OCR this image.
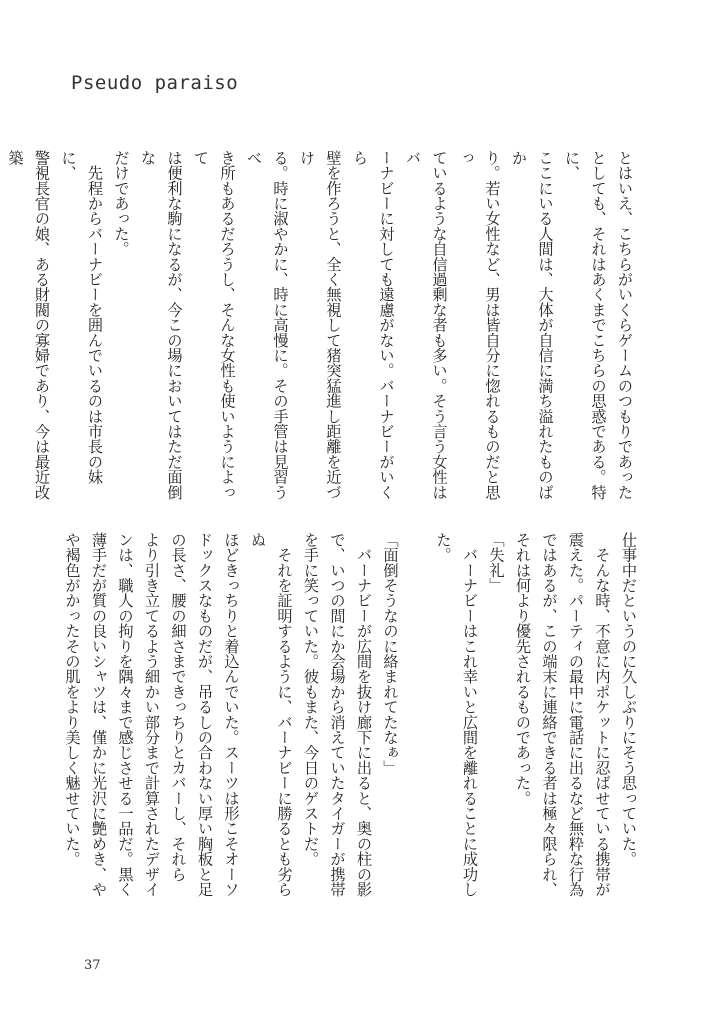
Pseudo paraiso

とはいえ、こちらがいくらゲームのつもりであった

としても、それはあくまでこちらの思惑である。特に、

ここにいる人間は、大体が自信に満ち溢れたものばか

り。若い女性など、男は皆自分に惚れるものだと思っ

ているような自信過剰な者も多い。そう言う女性はバ

ーナビーに対しても遠慮がない。バーナビーがいくら

壁を作ろうと、全く無視して猪突猛進し距離を近づけ

る。時に淑やかに、時に高慢に。その手管は見習うべ

き所もあるだろうし、そんな女性も使いようによって

は便利な駒になるが、今この場においてはただ面倒な

だけであった。

　先程からバーナビーを囲んでいるのは市長の妹に、

警視長官の娘、ある財閥の寡婦であり、今は最近改築

仕事中だというのに久しぶりにそう思っていた。

　そんな時、不意に内ポケットに忍ばせている携帯が

震えた。パーティの最中に電話に出るなど無粋な行為

ではあるが、この端末に連絡できる者は極々限られ、

それは何より優先されるものであった。

「失礼」

　バーナビーはこれ幸いと広間を離れることに成功し

た。

「面倒そうなのに絡まれてたなぁ」

　バーナビーが広間を抜け廊下に出ると、奥の柱の影

で、いつの間にか会場から消えていたタイガーが携帯

を手に笑っていた。彼もまた、今日のゲストだ。

　それを証明するように、バーナビーに勝るとも劣らぬ

ほどきっちりと着込んでいた。スーツは形こそオーソ

ドックスなものだが、吊るしの合わない厚い胸板と足

の長さ、腰の細さまできっちりとカバーし、それら

より引き立てるよう細かい部分まで計算されたデザイ

ンは、職人の拘りを隅々まで感じさせる一品だ。黒く

薄手だが質の良いシャツは、僅かに光沢に艶めき、や

や褐色がかったその肌をより美しく魅せていた。

37
